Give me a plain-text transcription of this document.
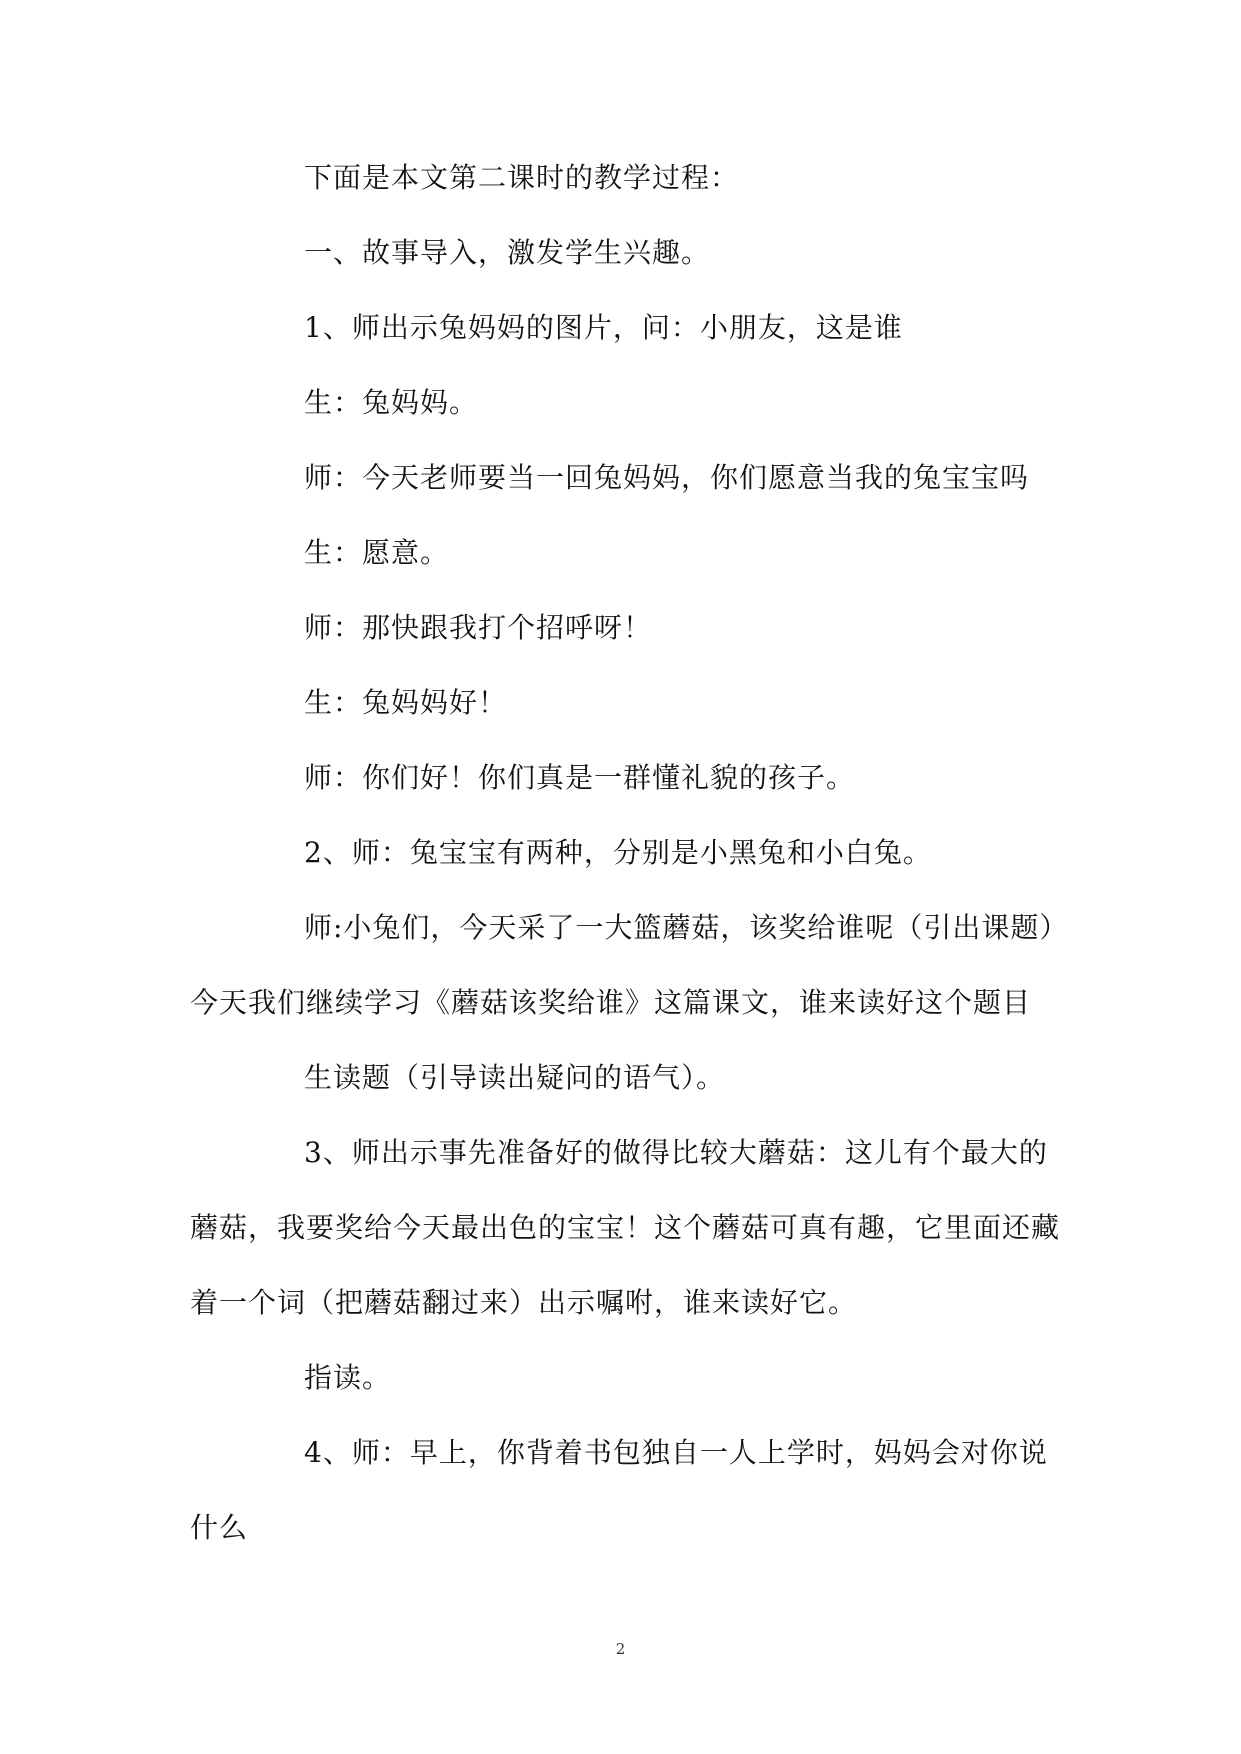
下面是本文第二课时的教学过程：
一、故事导入，激发学生兴趣。
1、师出示兔妈妈的图片，问：小朋友，这是谁
生：兔妈妈。
师：今天老师要当一回兔妈妈，你们愿意当我的兔宝宝吗
生：愿意。
师：那快跟我打个招呼呀！
生：兔妈妈好！
师：你们好！你们真是一群懂礼貌的孩子。
2、师：兔宝宝有两种，分别是小黑兔和小白兔。
师:小兔们，今天采了一大篮蘑菇，该奖给谁呢（引出课题）
今天我们继续学习《蘑菇该奖给谁》这篇课文，谁来读好这个题目
生读题（引导读出疑问的语气）。
3、师出示事先准备好的做得比较大蘑菇：这儿有个最大的
蘑菇，我要奖给今天最出色的宝宝！这个蘑菇可真有趣，它里面还藏
着一个词（把蘑菇翻过来）出示嘱咐，谁来读好它。
指读。
4、师：早上，你背着书包独自一人上学时，妈妈会对你说
什么
2
